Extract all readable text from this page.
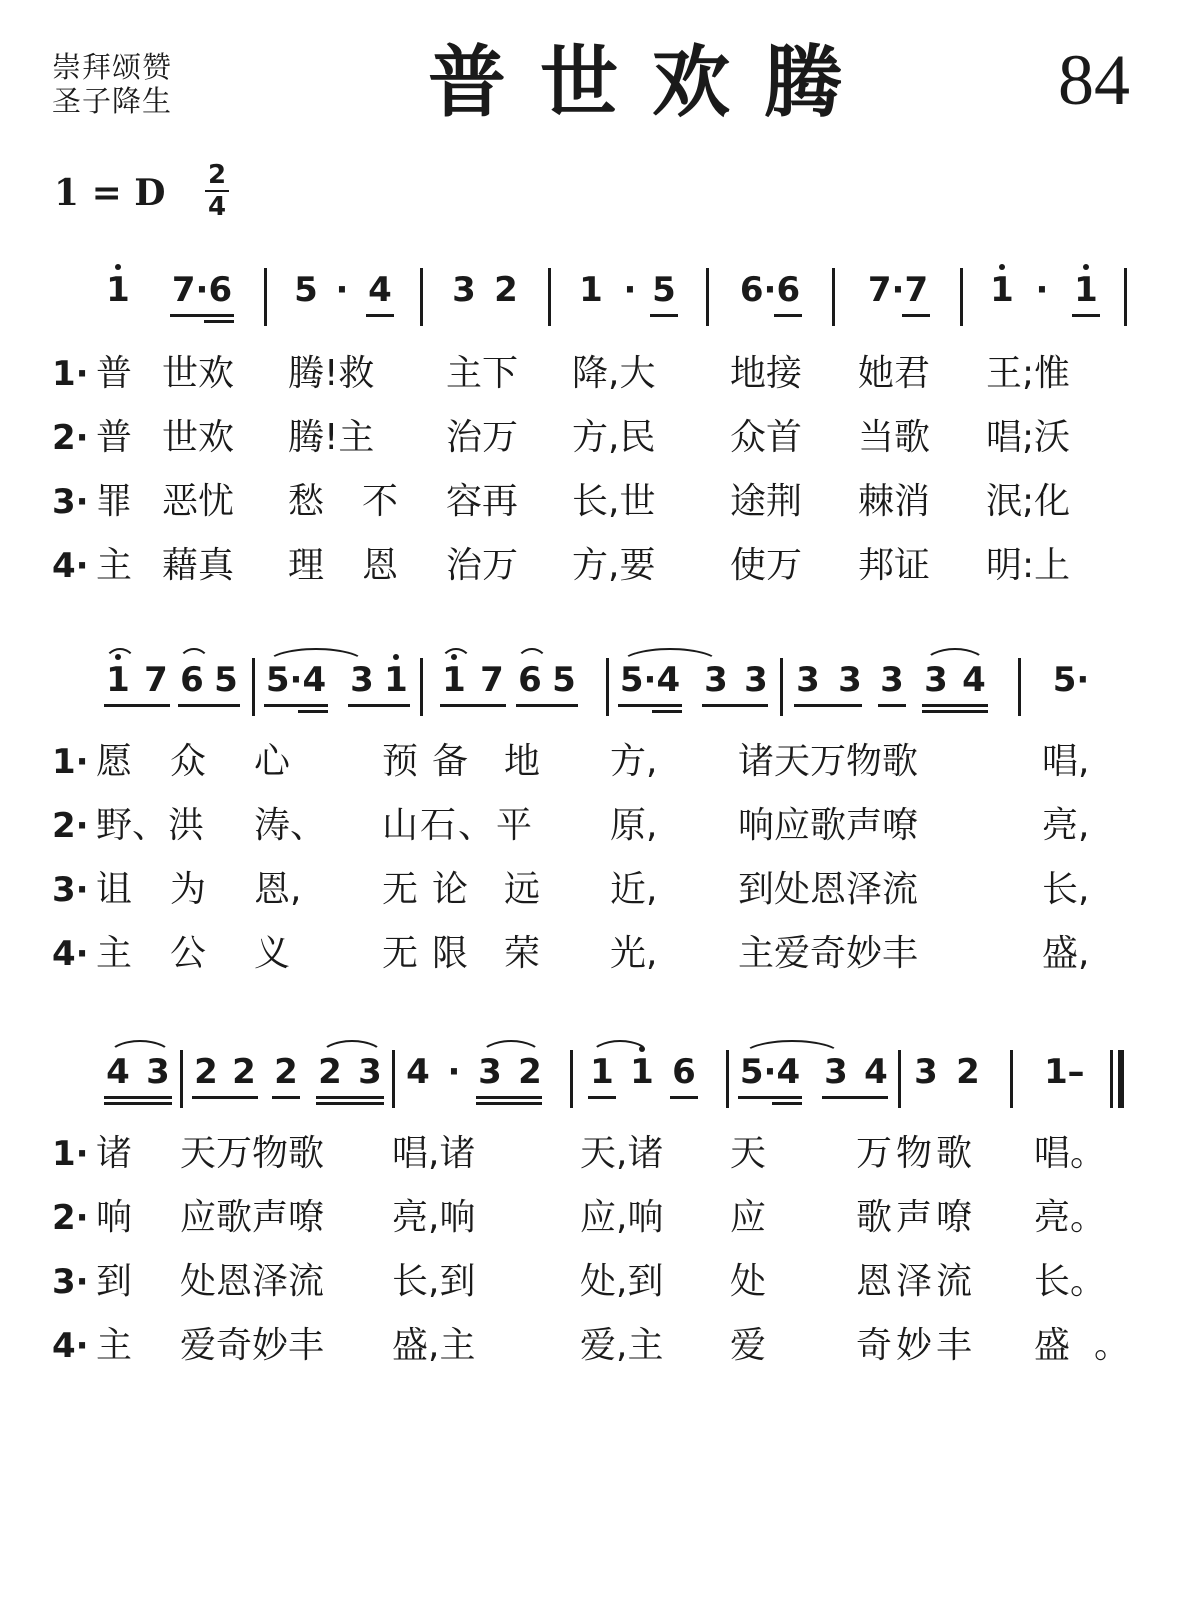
崇拜颂赞
圣子降生	普世欢腾	84
1 = D 2
4
1 7·6 5 · 4 3 2 1 · 5 6·6 7·7 1 · 1
1· 普 世欢 腾!救 主下 降,大 地接 她君 王;惟
2· 普 世欢 腾!主 治万 方,民 众首 当歌 唱;沃
3· 罪 恶忧 愁 不 容再 长,世 途荆 棘消 泯;化
4· 主 藉真 理 恩 治万 方,要 使万 邦证 明:上
1 7 6 5 5·4 3 1 1 7 6 5 5·4 3 3 3 3 3 3 4 5·
1· 愿 众 心	预备 地 方, 诸天万物歌	唱,
2· 野、洪 涛、 山石、平 原, 响应歌声嘹	亮,
3· 诅 为 恩, 无论 远 近, 到处恩泽流	长,
4· 主 公 义	无限 荣 光, 主爱奇妙丰	盛,
4 3 2 2 2 2 3 4 · 3 2 1 1 6 5·4 3 4 3 2 1 –
1· 诸 天万物歌 唱,诸	天,诸 天 万物歌 唱。
2· 响 应歌声嘹 亮,响	应,响 应 歌声嘹 亮。
3· 到 处恩泽流 长,到	处,到 处 恩泽流 长。
4· 主 爱奇妙丰 盛,主	爱,主 爱 奇妙丰 盛 。
